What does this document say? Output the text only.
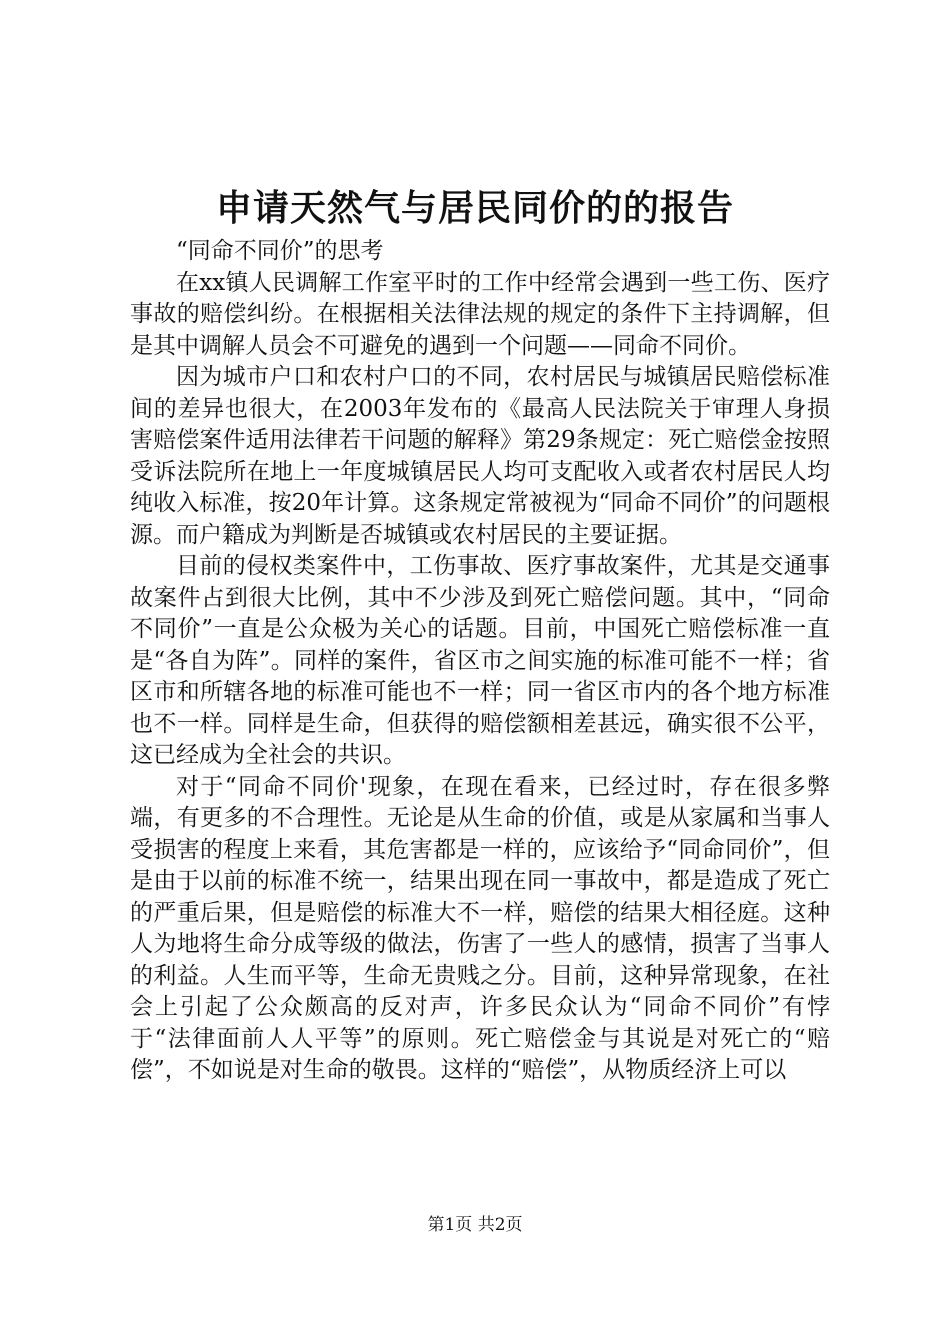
申请天然气与居民同价的的报告

“同命不同价”的思考

在xx镇人民调解工作室平时的工作中经常会遇到一些工伤、医疗事故的赔偿纠纷。在根据相关法律法规的规定的条件下主持调解，但是其中调解人员会不可避免的遇到一个问题——同命不同价。

因为城市户口和农村户口的不同，农村居民与城镇居民赔偿标准间的差异也很大，在2003年发布的《最高人民法院关于审理人身损害赔偿案件适用法律若干问题的解释》第29条规定：死亡赔偿金按照受诉法院所在地上一年度城镇居民人均可支配收入或者农村居民人均纯收入标准，按20年计算。这条规定常被视为“同命不同价”的问题根源。而户籍成为判断是否城镇或农村居民的主要证据。

目前的侵权类案件中，工伤事故、医疗事故案件，尤其是交通事故案件占到很大比例，其中不少涉及到死亡赔偿问题。其中，“同命不同价”一直是公众极为关心的话题。目前，中国死亡赔偿标准一直是“各自为阵”。同样的案件，省区市之间实施的标准可能不一样；省区市和所辖各地的标准可能也不一样；同一省区市内的各个地方标准也不一样。同样是生命，但获得的赔偿额相差甚远，确实很不公平，这已经成为全社会的共识。

对于“同命不同价'现象，在现在看来，已经过时，存在很多弊端，有更多的不合理性。无论是从生命的价值，或是从家属和当事人受损害的程度上来看，其危害都是一样的，应该给予“同命同价”，但是由于以前的标准不统一，结果出现在同一事故中，都是造成了死亡的严重后果，但是赔偿的标准大不一样，赔偿的结果大相径庭。这种人为地将生命分成等级的做法，伤害了一些人的感情，损害了当事人的利益。人生而平等，生命无贵贱之分。目前，这种异常现象，在社会上引起了公众颇高的反对声，许多民众认为“同命不同价”有悖于“法律面前人人平等”的原则。死亡赔偿金与其说是对死亡的“赔偿”，不如说是对生命的敬畏。这样的“赔偿”，从物质经济上可以

第1页 共2页
